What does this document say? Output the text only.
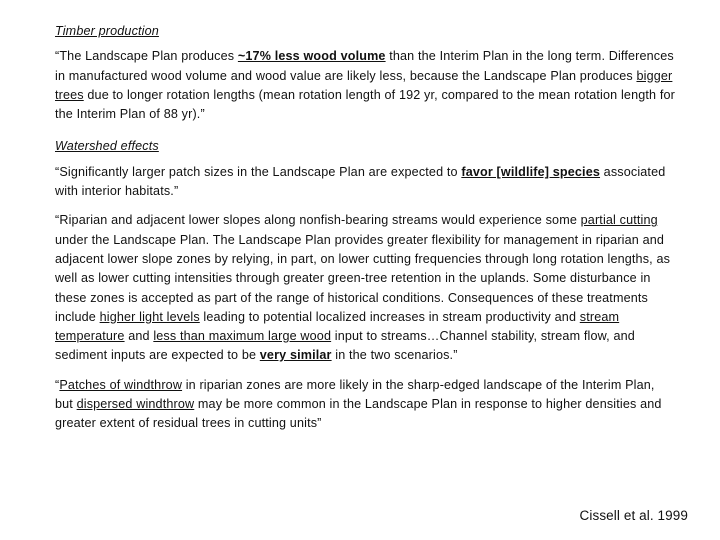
Timber production

“The Landscape Plan produces ~17% less wood volume than the Interim Plan in the long term. Differences in manufactured wood volume and wood value are likely less, because the Landscape Plan produces bigger trees due to longer rotation lengths (mean rotation length of 192 yr, compared to the mean rotation length for the Interim Plan of 88 yr).”

Watershed effects

“Significantly larger patch sizes in the Landscape Plan are expected to favor [wildlife] species associated with interior habitats.”

“Riparian and adjacent lower slopes along nonfish-bearing streams would experience some partial cutting under the Landscape Plan. The Landscape Plan provides greater flexibility for management in riparian and adjacent lower slope zones by relying, in part, on lower cutting frequencies through long rotation lengths, as well as lower cutting intensities through greater green-tree retention in the uplands. Some disturbance in these zones is accepted as part of the range of historical conditions. Consequences of these treatments include higher light levels leading to potential localized increases in stream productivity and stream temperature and less than maximum large wood input to streams…Channel stability, stream flow, and sediment inputs are expected to be very similar in the two scenarios.”

“Patches of windthrow in riparian zones are more likely in the sharp-edged landscape of the Interim Plan, but dispersed windthrow may be more common in the Landscape Plan in response to higher densities and greater extent of residual trees in cutting units”

Cissell et al. 1999
